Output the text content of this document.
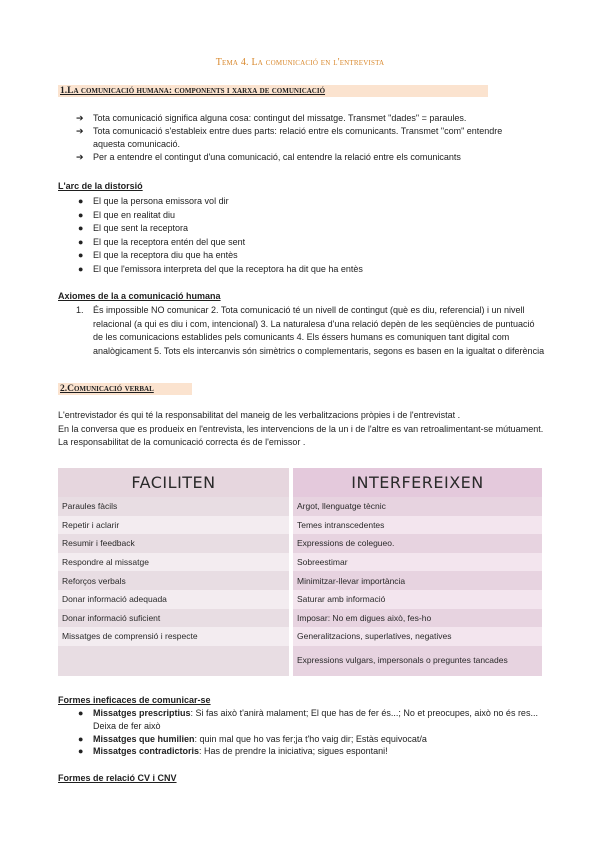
Tema 4. La comunicació en l'entrevista
1.La comunicació humana: components i xarxa de comunicació
➔ Tota comunicació significa alguna cosa: contingut del missatge. Transmet "dades" = paraules.
➔ Tota comunicació s'estableix entre dues parts: relació entre els comunicants. Transmet "com" entendre aquesta comunicació.
➔ Per a entendre el contingut d'una comunicació, cal entendre la relació entre els comunicants
L'arc de la distorsió
● El que la persona emissora vol dir
● El que en realitat diu
● El que sent la receptora
● El que la receptora entén del que sent
● El que la receptora diu que ha entès
● El que l'emissora interpreta del que la receptora ha dit que ha entès
Axiomes de la a comunicació humana
1. És impossible NO comunicar 2. Tota comunicació té un nivell de contingut (què es diu, referencial) i un nivell relacional (a qui es diu i com, intencional) 3. La naturalesa d'una relació depèn de les seqüències de puntuació de les comunicacions establides pels comunicants 4. Els éssers humans es comuniquen tant digital com analògicament 5. Tots els intercanvis són simètrics o complementaris, segons es basen en la igualtat o diferència
2.Comunicació verbal

L'entrevistador és qui té la responsabilitat del maneig de les verbalitzacions pròpies i de l'entrevistat .

En la conversa que es produeix en l'entrevista, les intervencions de la un i de l'altre es van retroalimentant-se mútuament.

La responsabilitat de la comunicació correcta és de l'emissor .

FACILITEN	INTERFEREIXEN
Paraules fàcils	Argot, llenguatge tècnic
Repetir i aclarir	Temes intranscedentes
Resumir i feedback	Expressions de colegueo.
Respondre al missatge	Sobreestimar
Reforços verbals	Minimitzar-llevar importància
Donar informació adequada	Saturar amb informació
Donar informació suficient	Imposar: No em digues això, fes-ho
Missatges de comprensió i respecte	Generalitzacions, superlatives, negatives
	Expressions vulgars, impersonals o preguntes tancades
Formes ineficaces de comunicar-se
● Missatges prescriptius: Si fas això t'anirà malament; El que has de fer és...; No et preocupes, això no és res... Deixa de fer això
● Missatges que humilien: quin mal que ho vas fer;ja t'ho vaig dir; Estàs equivocat/a
● Missatges contradictoris: Has de prendre la iniciativa; sigues espontani!
Formes de relació CV i CNV
